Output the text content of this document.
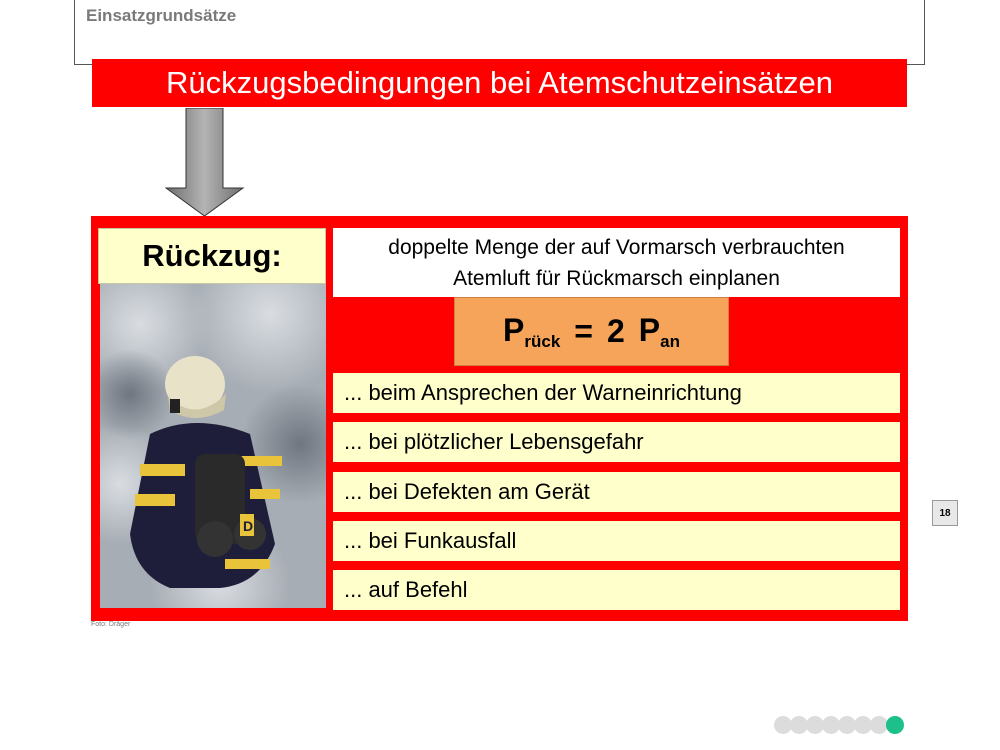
Einsatzgrundsätze
Rückzugsbedingungen bei Atemschutzeinsätzen
Rückzug:
D
doppelte Menge der auf Vormarsch verbrauchten
Atemluft für Rückmarsch einplanen
$P_{rück} = 2$ $P_{an}$
... beim Ansprechen der Warneinrichtung
... bei plötzlicher Lebensgefahr
... bei Defekten am Gerät
... bei Funkausfall
... auf Befehl
Foto: Dräger
18
